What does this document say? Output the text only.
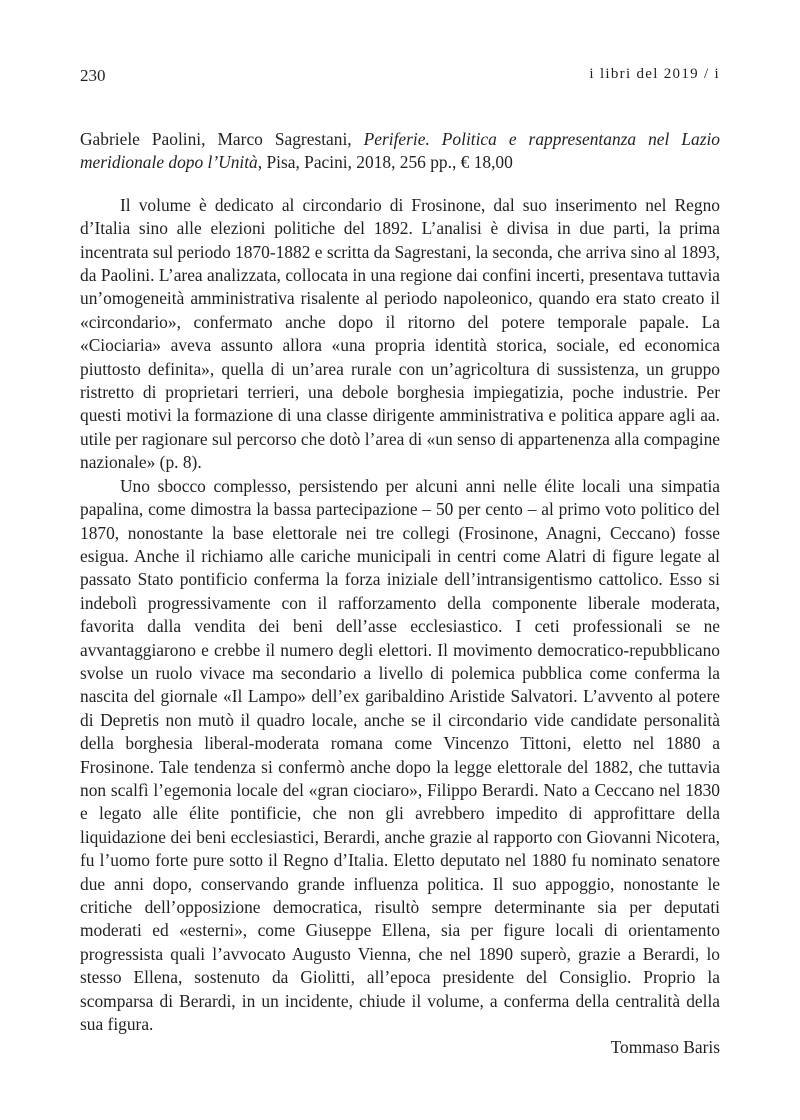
230	i libri del 2019 / i

Gabriele Paolini, Marco Sagrestani, Periferie. Politica e rappresentanza nel Lazio meridionale dopo l’Unità, Pisa, Pacini, 2018, 256 pp., € 18,00

Il volume è dedicato al circondario di Frosinone, dal suo inserimento nel Regno d’Italia sino alle elezioni politiche del 1892. L’analisi è divisa in due parti, la prima incentrata sul periodo 1870-1882 e scritta da Sagrestani, la seconda, che arriva sino al 1893, da Paolini. L’area analizzata, collocata in una regione dai confini incerti, presentava tuttavia un’omogeneità amministrativa risalente al periodo napoleonico, quando era stato creato il «circondario», confermato anche dopo il ritorno del potere temporale papale. La «Ciociaria» aveva assunto allora «una propria identità storica, sociale, ed economica piuttosto definita», quella di un’area rurale con un’agricoltura di sussistenza, un gruppo ristretto di proprietari terrieri, una debole borghesia impiegatizia, poche industrie. Per questi motivi la formazione di una classe dirigente amministrativa e politica appare agli aa. utile per ragionare sul percorso che dotò l’area di «un senso di appartenenza alla compagine nazionale» (p. 8).

Uno sbocco complesso, persistendo per alcuni anni nelle élite locali una simpatia papalina, come dimostra la bassa partecipazione – 50 per cento – al primo voto politico del 1870, nonostante la base elettorale nei tre collegi (Frosinone, Anagni, Ceccano) fosse esigua. Anche il richiamo alle cariche municipali in centri come Alatri di figure legate al passato Stato pontificio conferma la forza iniziale dell’intransigentismo cattolico. Esso si indebolì progressivamente con il rafforzamento della componente liberale moderata, favorita dalla vendita dei beni dell’asse ecclesiastico. I ceti professionali se ne avvantaggiarono e crebbe il numero degli elettori. Il movimento democratico-repubblicano svolse un ruolo vivace ma secondario a livello di polemica pubblica come conferma la nascita del giornale «Il Lampo» dell’ex garibaldino Aristide Salvatori. L’avvento al potere di Depretis non mutò il quadro locale, anche se il circondario vide candidate personalità della borghesia liberal-moderata romana come Vincenzo Tittoni, eletto nel 1880 a Frosinone. Tale tendenza si confermò anche dopo la legge elettorale del 1882, che tuttavia non scalfì l’egemonia locale del «gran ciociaro», Filippo Berardi. Nato a Ceccano nel 1830 e legato alle élite pontificie, che non gli avrebbero impedito di approfittare della liquidazione dei beni ecclesiastici, Berardi, anche grazie al rapporto con Giovanni Nicotera, fu l’uomo forte pure sotto il Regno d’Italia. Eletto deputato nel 1880 fu nominato senatore due anni dopo, conservando grande influenza politica. Il suo appoggio, nonostante le critiche dell’opposizione democratica, risultò sempre determinante sia per deputati moderati ed «esterni», come Giuseppe Ellena, sia per figure locali di orientamento progressista quali l’avvocato Augusto Vienna, che nel 1890 superò, grazie a Berardi, lo stesso Ellena, sostenuto da Giolitti, all’epoca presidente del Consiglio. Proprio la scomparsa di Berardi, in un incidente, chiude il volume, a conferma della centralità della sua figura.

Tommaso Baris
